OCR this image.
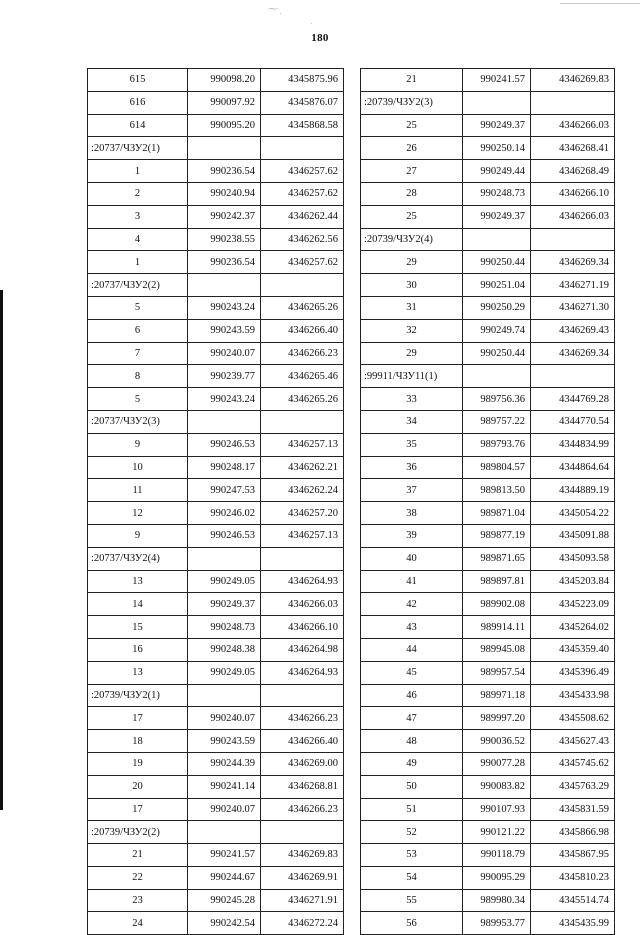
⁓ ̣
ˎ
180
615	990098.20	4345875.96
616	990097.92	4345876.07
614	990095.20	4345868.58
:20737/ЧЗУ2(1)		
1	990236.54	4346257.62
2	990240.94	4346257.62
3	990242.37	4346262.44
4	990238.55	4346262.56
1	990236.54	4346257.62
:20737/ЧЗУ2(2)		
5	990243.24	4346265.26
6	990243.59	4346266.40
7	990240.07	4346266.23
8	990239.77	4346265.46
5	990243.24	4346265.26
:20737/ЧЗУ2(3)		
9	990246.53	4346257.13
10	990248.17	4346262.21
11	990247.53	4346262.24
12	990246.02	4346257.20
9	990246.53	4346257.13
:20737/ЧЗУ2(4)		
13	990249.05	4346264.93
14	990249.37	4346266.03
15	990248.73	4346266.10
16	990248.38	4346264.98
13	990249.05	4346264.93
:20739/ЧЗУ2(1)		
17	990240.07	4346266.23
18	990243.59	4346266.40
19	990244.39	4346269.00
20	990241.14	4346268.81
17	990240.07	4346266.23
:20739/ЧЗУ2(2)		
21	990241.57	4346269.83
22	990244.67	4346269.91
23	990245.28	4346271.91
24	990242.54	4346272.24
21	990241.57	4346269.83
:20739/ЧЗУ2(3)		
25	990249.37	4346266.03
26	990250.14	4346268.41
27	990249.44	4346268.49
28	990248.73	4346266.10
25	990249.37	4346266.03
:20739/ЧЗУ2(4)		
29	990250.44	4346269.34
30	990251.04	4346271.19
31	990250.29	4346271.30
32	990249.74	4346269.43
29	990250.44	4346269.34
:99911/ЧЗУ11(1)		
33	989756.36	4344769.28
34	989757.22	4344770.54
35	989793.76	4344834.99
36	989804.57	4344864.64
37	989813.50	4344889.19
38	989871.04	4345054.22
39	989877.19	4345091.88
40	989871.65	4345093.58
41	989897.81	4345203.84
42	989902.08	4345223.09
43	989914.11	4345264.02
44	989945.08	4345359.40
45	989957.54	4345396.49
46	989971.18	4345433.98
47	989997.20	4345508.62
48	990036.52	4345627.43
49	990077.28	4345745.62
50	990083.82	4345763.29
51	990107.93	4345831.59
52	990121.22	4345866.98
53	990118.79	4345867.95
54	990095.29	4345810.23
55	989980.34	4345514.74
56	989953.77	4345435.99
